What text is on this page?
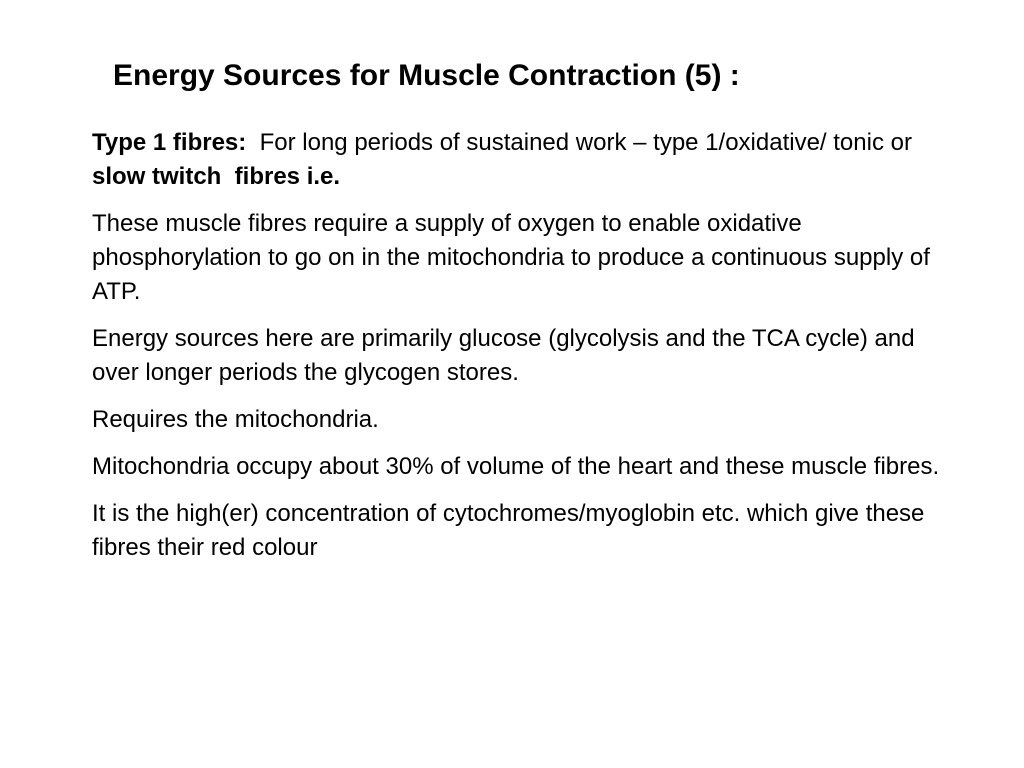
Energy Sources for Muscle Contraction (5) :

Type 1 fibres: For long periods of sustained work – type 1/oxidative/ tonic or  slow twitch  fibres i.e.

These muscle fibres require a supply of oxygen to enable oxidative phosphorylation to go on in the mitochondria to produce a continuous supply of ATP.

Energy sources here are primarily glucose (glycolysis and the TCA cycle) and over longer periods the glycogen stores.

Requires the mitochondria.

Mitochondria occupy about 30% of volume of the heart and these muscle fibres.

It is the high(er) concentration of cytochromes/myoglobin etc. which give these fibres their red colour
